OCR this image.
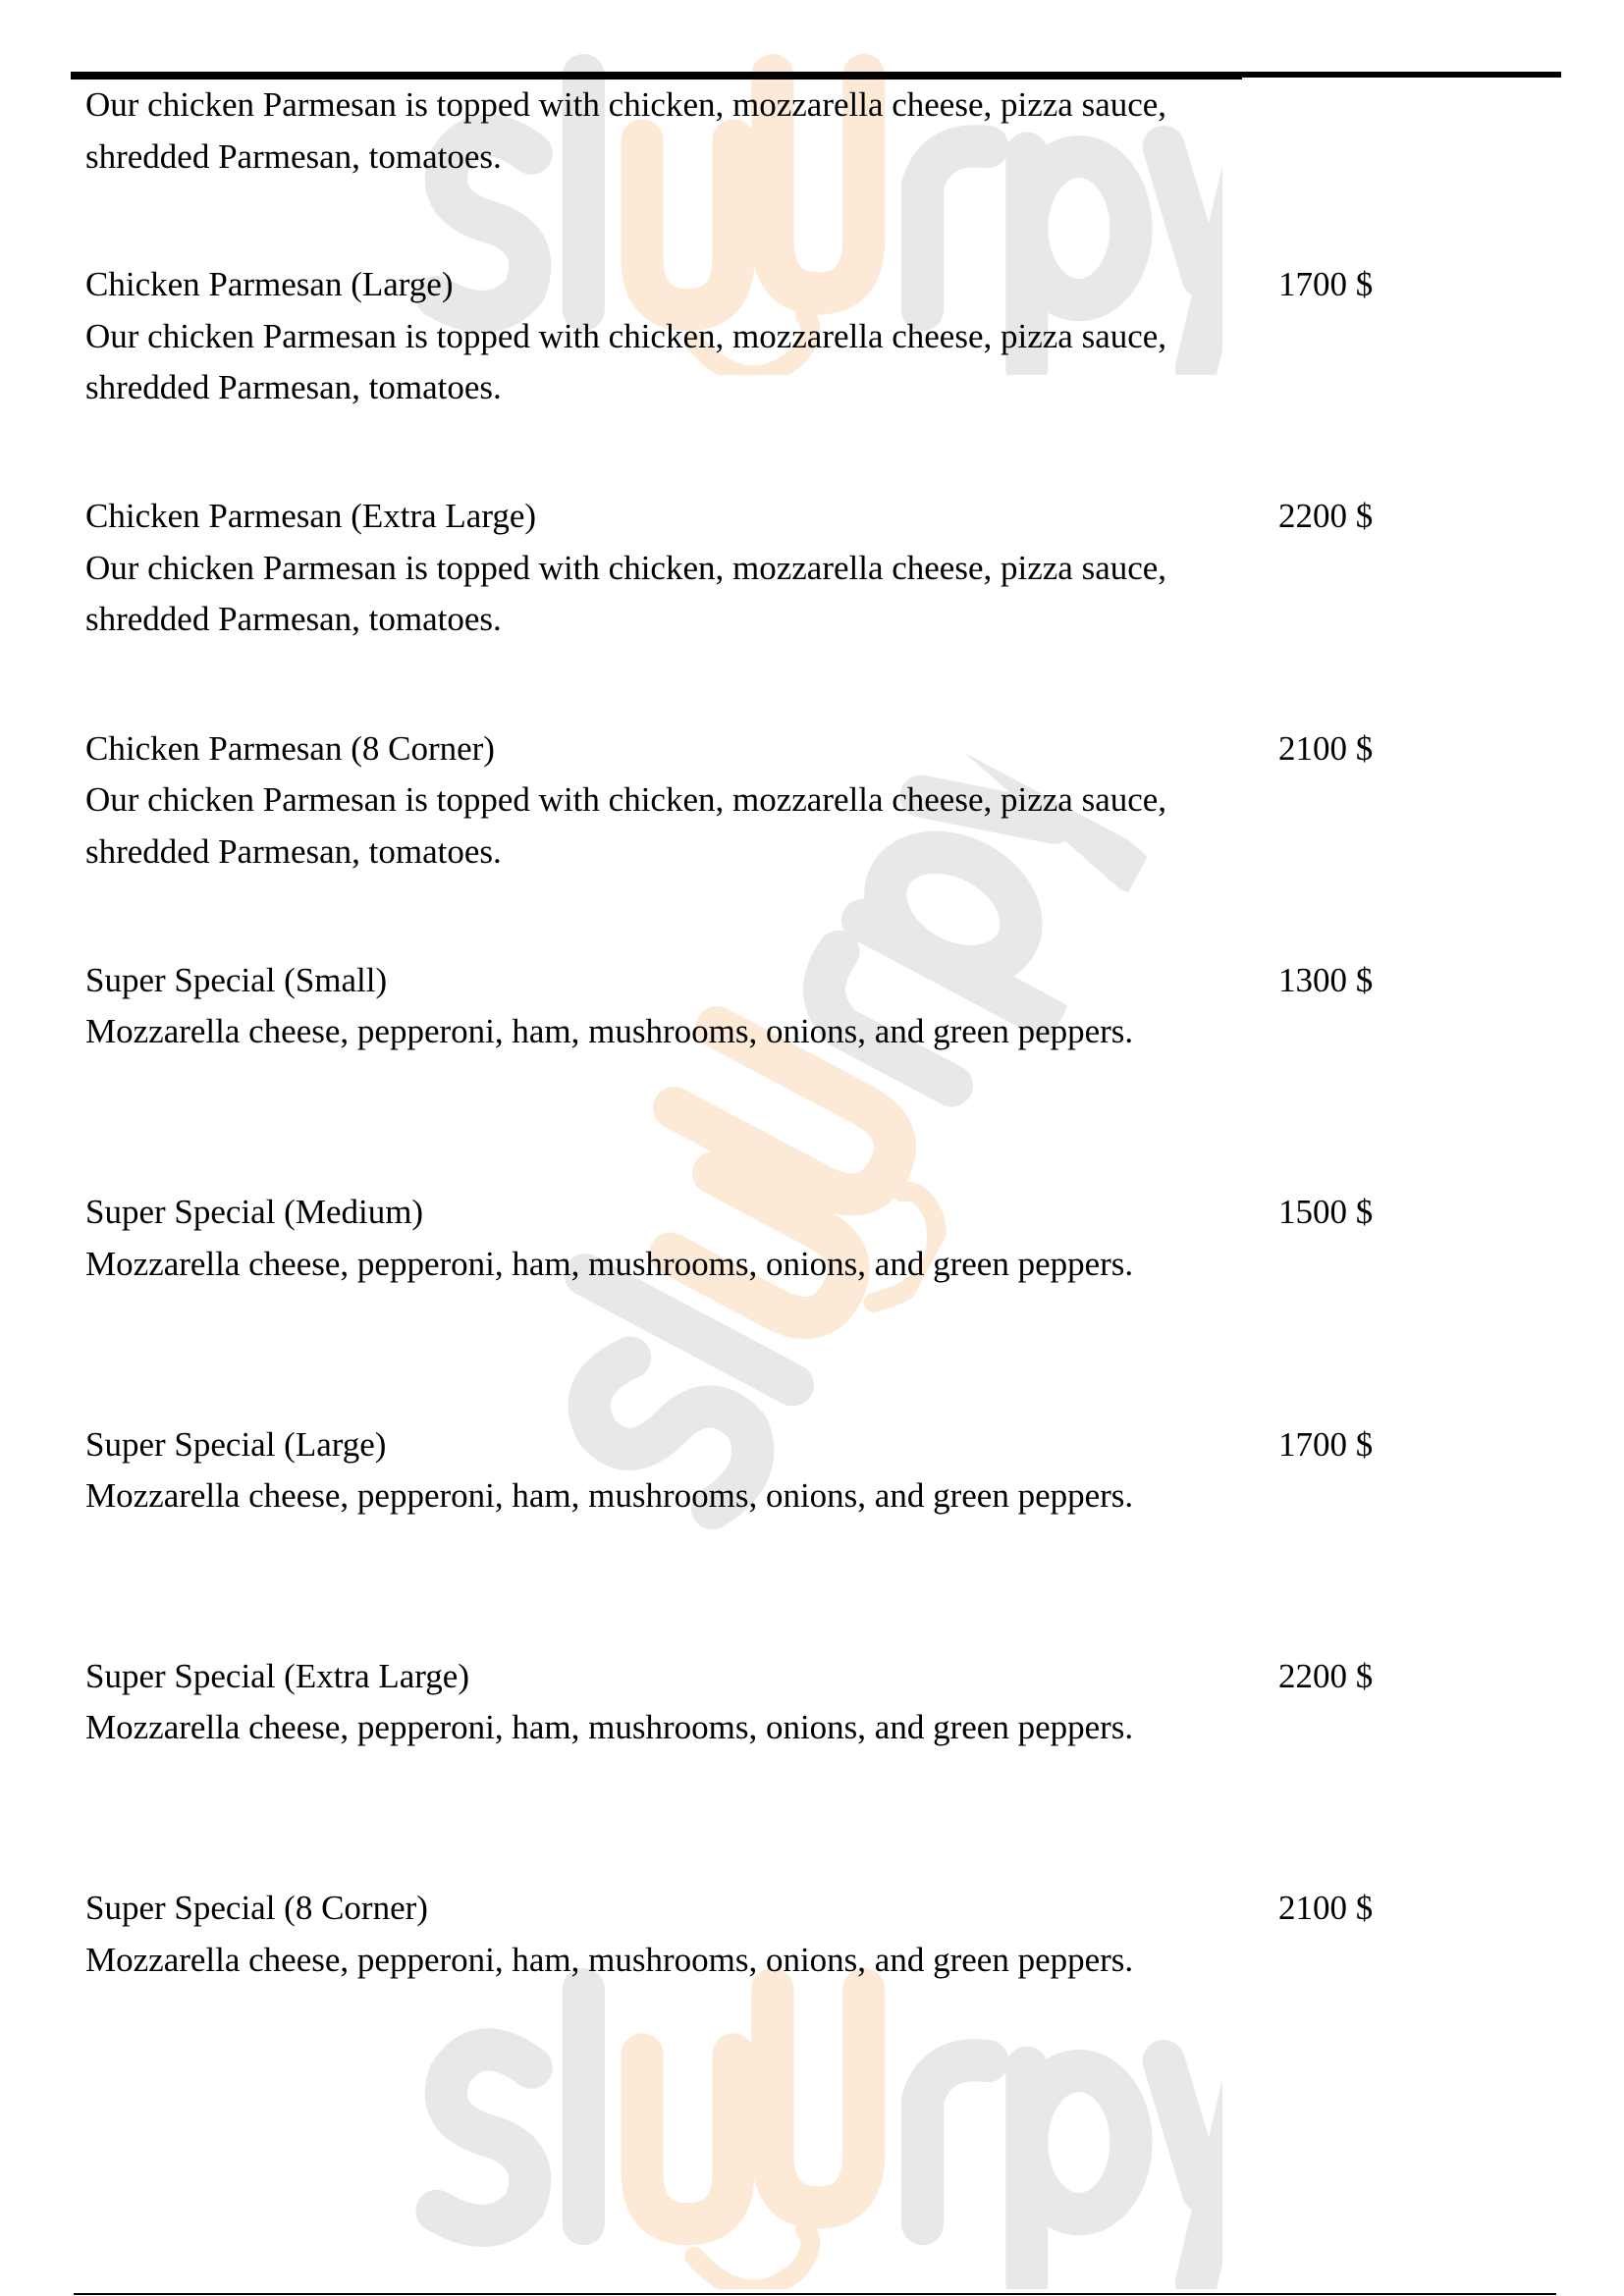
Our chicken Parmesan is topped with chicken, mozzarella cheese, pizza sauce, shredded Parmesan, tomatoes.
Chicken Parmesan (Large)	1700 $
Our chicken Parmesan is topped with chicken, mozzarella cheese, pizza sauce, shredded Parmesan, tomatoes.
Chicken Parmesan (Extra Large)	2200 $
Our chicken Parmesan is topped with chicken, mozzarella cheese, pizza sauce, shredded Parmesan, tomatoes.
Chicken Parmesan (8 Corner)	2100 $
Our chicken Parmesan is topped with chicken, mozzarella cheese, pizza sauce, shredded Parmesan, tomatoes.
Super Special (Small)	1300 $
Mozzarella cheese, pepperoni, ham, mushrooms, onions, and green peppers.
Super Special (Medium)	1500 $
Mozzarella cheese, pepperoni, ham, mushrooms, onions, and green peppers.
Super Special (Large)	1700 $
Mozzarella cheese, pepperoni, ham, mushrooms, onions, and green peppers.
Super Special (Extra Large)	2200 $
Mozzarella cheese, pepperoni, ham, mushrooms, onions, and green peppers.
Super Special (8 Corner)	2100 $
Mozzarella cheese, pepperoni, ham, mushrooms, onions, and green peppers.
